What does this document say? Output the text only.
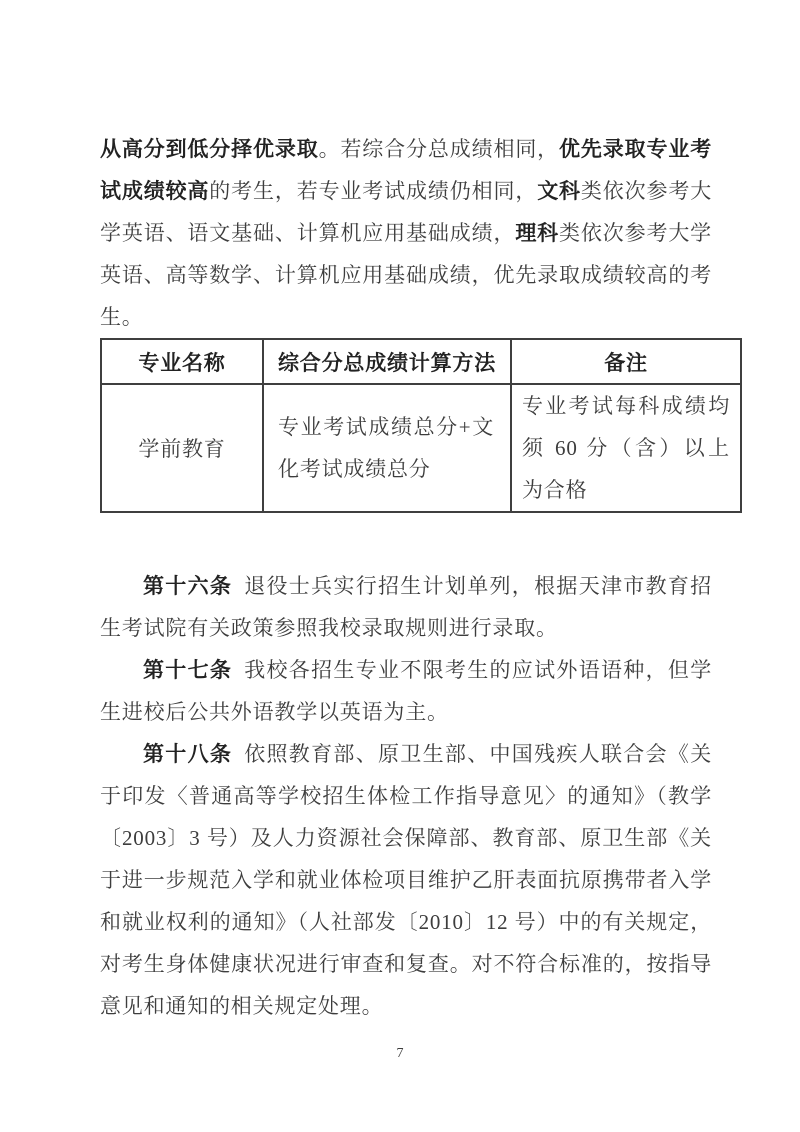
从高分到低分择优录取。若综合分总成绩相同，优先录取专业考试成绩较高的考生，若专业考试成绩仍相同，文科类依次参考大学英语、语文基础、计算机应用基础成绩，理科类依次参考大学英语、高等数学、计算机应用基础成绩，优先录取成绩较高的考生。

专业名称	综合分总成绩计算方法	备注
学前教育	专业考试成绩总分+文化考试成绩总分	专业考试每科成绩均须 60 分（含）以上为合格

第十六条 退役士兵实行招生计划单列，根据天津市教育招生考试院有关政策参照我校录取规则进行录取。

第十七条 我校各招生专业不限考生的应试外语语种，但学生进校后公共外语教学以英语为主。

第十八条 依照教育部、原卫生部、中国残疾人联合会《关于印发〈普通高等学校招生体检工作指导意见〉的通知》（教学〔2003〕3 号）及人力资源社会保障部、教育部、原卫生部《关于进一步规范入学和就业体检项目维护乙肝表面抗原携带者入学和就业权利的通知》（人社部发〔2010〕12 号）中的有关规定，对考生身体健康状况进行审查和复查。对不符合标准的，按指导意见和通知的相关规定处理。

7
